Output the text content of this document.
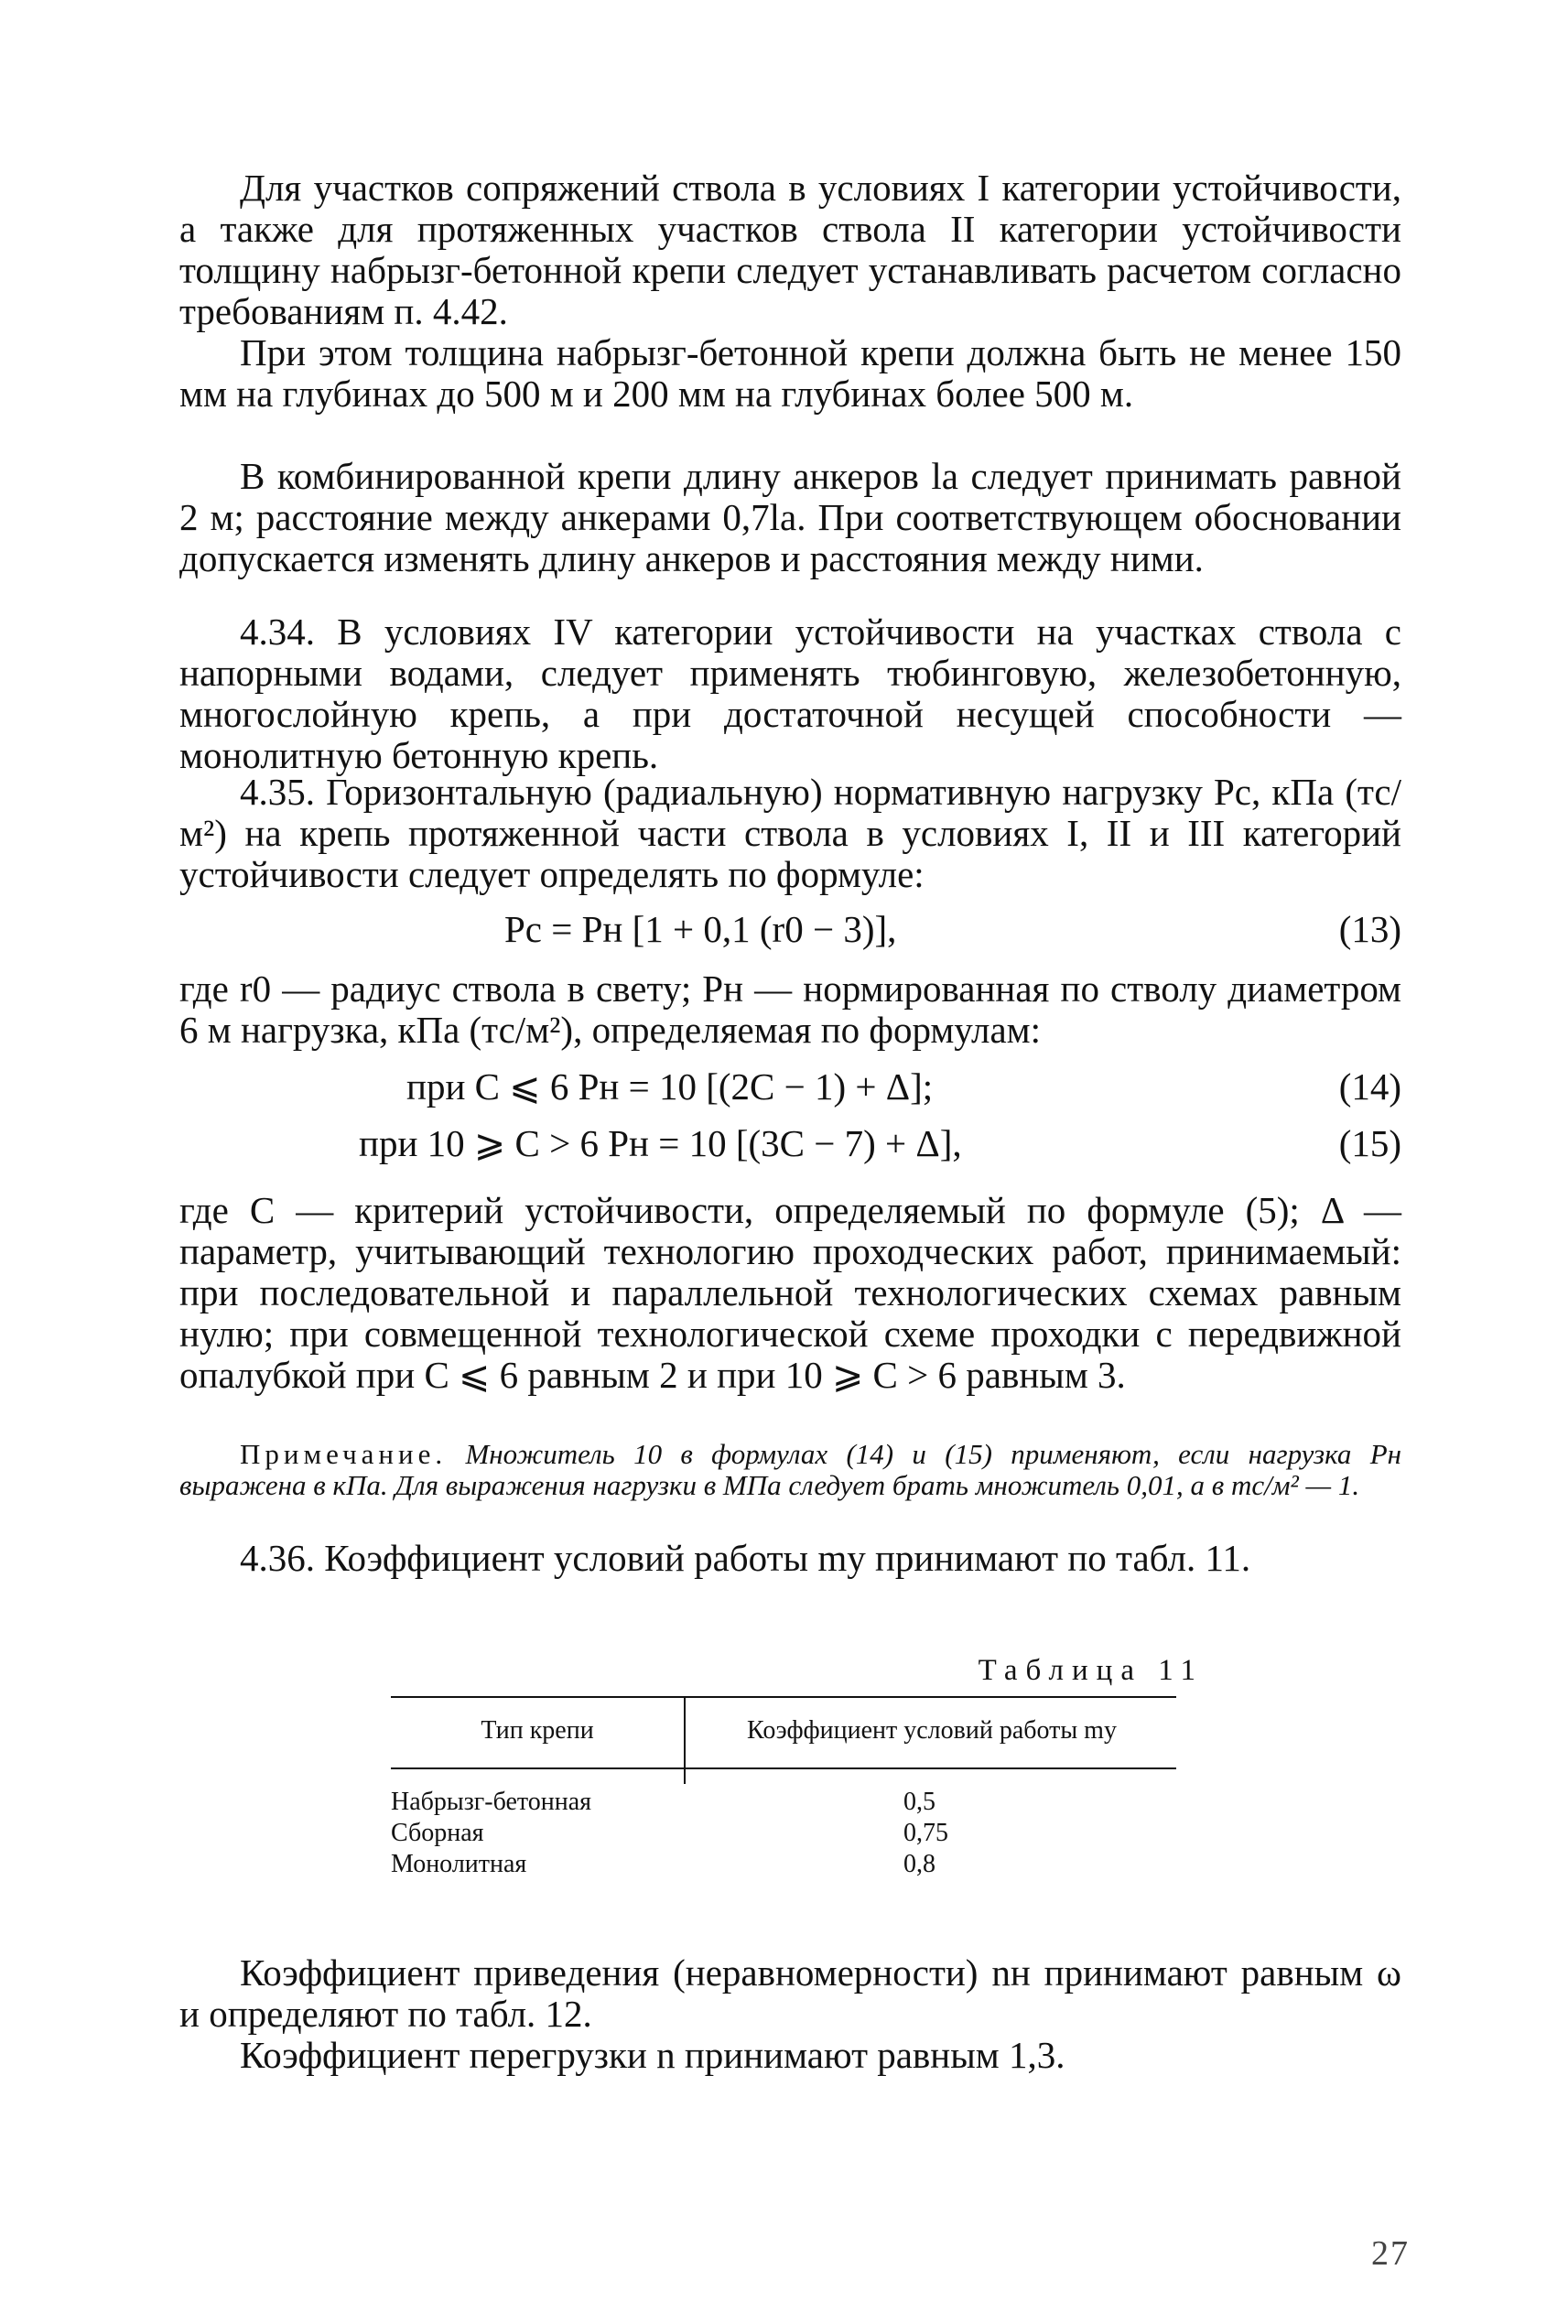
Для участков сопряжений ствола в условиях I категории устойчивости, а также для протяженных участков ствола II категории устойчивости толщину набрызг-бетонной крепи следует устанавливать расчетом согласно требованиям п. 4.42.

При этом толщина набрызг-бетонной крепи должна быть не менее 150 мм на глубинах до 500 м и 200 мм на глубинах более 500 м.

В комбинированной крепи длину анкеров lа следует принимать равной 2 м; расстояние между анкерами 0,7lа. При соответствующем обосновании допускается изменять длину анкеров и расстояния между ними.

4.34. В условиях IV категории устойчивости на участках ствола с напорными водами, следует применять тюбинговую, железобетонную, многослойную крепь, а при достаточной несущей способности — монолитную бетонную крепь.

4.35. Горизонтальную (радиальную) нормативную нагрузку Pс, кПа (тс/м²) на крепь протяженной части ствола в условиях I, II и III категорий устойчивости следует определять по формуле:

Pс = Pн [1 + 0,1 (r0 − 3)],	(13)

где r0 — радиус ствола в свету; Pн — нормированная по стволу диаметром 6 м нагрузка, кПа (тс/м²), определяемая по формулам:

при C ⩽ 6 Pн = 10 [(2C − 1) + Δ];	(14)
при 10 ⩾ C > 6 Pн = 10 [(3C − 7) + Δ],	(15)

где C — критерий устойчивости, определяемый по формуле (5); Δ — параметр, учитывающий технологию проходческих работ, принимаемый: при последовательной и параллельной технологических схемах равным нулю; при совмещенной технологической схеме проходки с передвижной опалубкой при C ⩽ 6 равным 2 и при 10 ⩾ C > 6 равным 3.

Примечание. Множитель 10 в формулах (14) и (15) применяют, если нагрузка Pн выражена в кПа. Для выражения нагрузки в МПа следует брать множитель 0,01, а в тс/м² — 1.

4.36. Коэффициент условий работы mу принимают по табл. 11.

Таблица 11
Тип крепи	Коэффициент условий работы mу
Набрызг-бетонная	0,5
Сборная	0,75
Монолитная	0,8

Коэффициент приведения (неравномерности) nн принимают равным ω и определяют по табл. 12.

Коэффициент перегрузки n принимают равным 1,3.

27
